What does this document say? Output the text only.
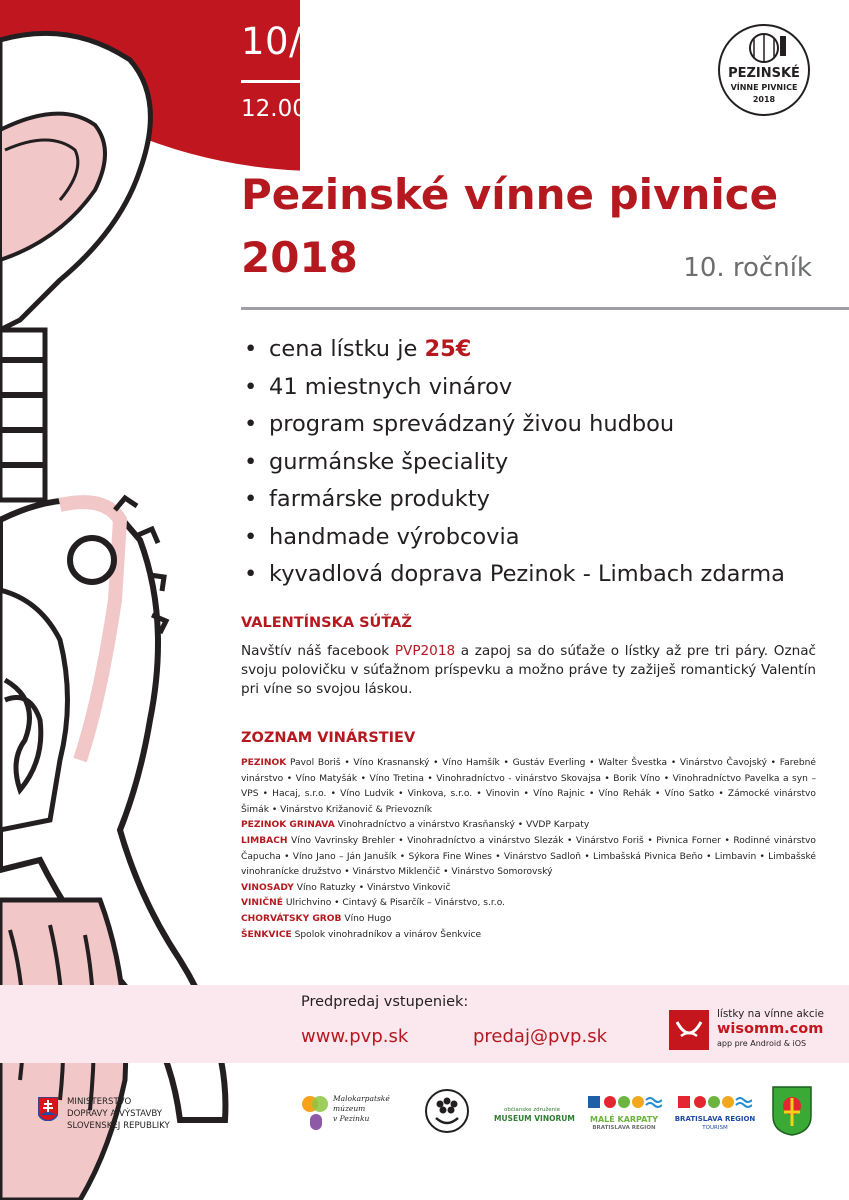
10/2/18
12.00 – 21.00
PEZINSKÉ
VÍNNE PIVNICE
2018
Pezinské vínne pivnice
2018	10. ročník
• cena lístku je 25€
• 41 miestnych vinárov
• program sprevádzaný živou hudbou
• gurmánske špeciality
• farmárske produkty
• handmade výrobcovia
• kyvadlová doprava Pezinok - Limbach zdarma
VALENTÍNSKA SÚŤAŽ
Navštív náš facebook PVP2018 a zapoj sa do súťaže o lístky až pre tri páry. Označ svoju polovičku v súťažnom príspevku a možno práve ty zažiješ romantický Valentín pri víne so svojou láskou.
ZOZNAM VINÁRSTIEV
PEZINOK Pavol Boriš • Víno Krasnanský • Víno Hamšík • Gustáv Everling • Walter Švestka • Vinárstvo Čavojský • Farebné vinárstvo • Víno Matyšák • Víno Tretina • Vinohradníctvo - vinárstvo Skovajsa • Borik Víno • Vinohradníctvo Pavelka a syn – VPS • Hacaj, s.r.o. • Víno Ludvik • Vinkova, s.r.o. • Vinovin • Víno Rajnic • Víno Rehák • Víno Satko • Zámocké vinárstvo Šimák • Vinárstvo Križanovič & Prievozník
PEZINOK GRINAVA Vinohradníctvo a vinárstvo Krasňanský • VVDP Karpaty
LIMBACH Víno Vavrinsky Brehler • Vinohradníctvo a vinárstvo Slezák • Vinárstvo Foriš • Pivnica Forner • Rodinné vinárstvo Čapucha • Víno Jano – Ján Janušík • Sýkora Fine Wines • Vinárstvo Sadloň • Limbašská Pivnica Beňo • Limbavin • Limbašské vinohranícke družstvo • Vinárstvo Miklenčič • Vinárstvo Somorovský
VINOSADY Víno Ratuzky • Vinárstvo Vinkovič
VINIČNÉ Ulrichvino • Cintavý & Pisarčík – Vinárstvo, s.r.o.
CHORVÁTSKY GROB Víno Hugo
ŠENKVICE Spolok vinohradníkov a vinárov Šenkvice
Predpredaj vstupeniek:
www.pvp.sk	predaj@pvp.sk
lístky na vínne akcie
wisomm.com
app pre Android & iOS
MINISTERSTVO
DOPRAVY A VÝSTAVBY
SLOVENSKEJ REPUBLIKY
Malokarpatské
múzeum
v Pezinku
občianske združenie
MUSEUM VINORUM	MALÉ KARPATY
BRATISLAVA REGION
BRATISLAVA REGION
TOURISM
